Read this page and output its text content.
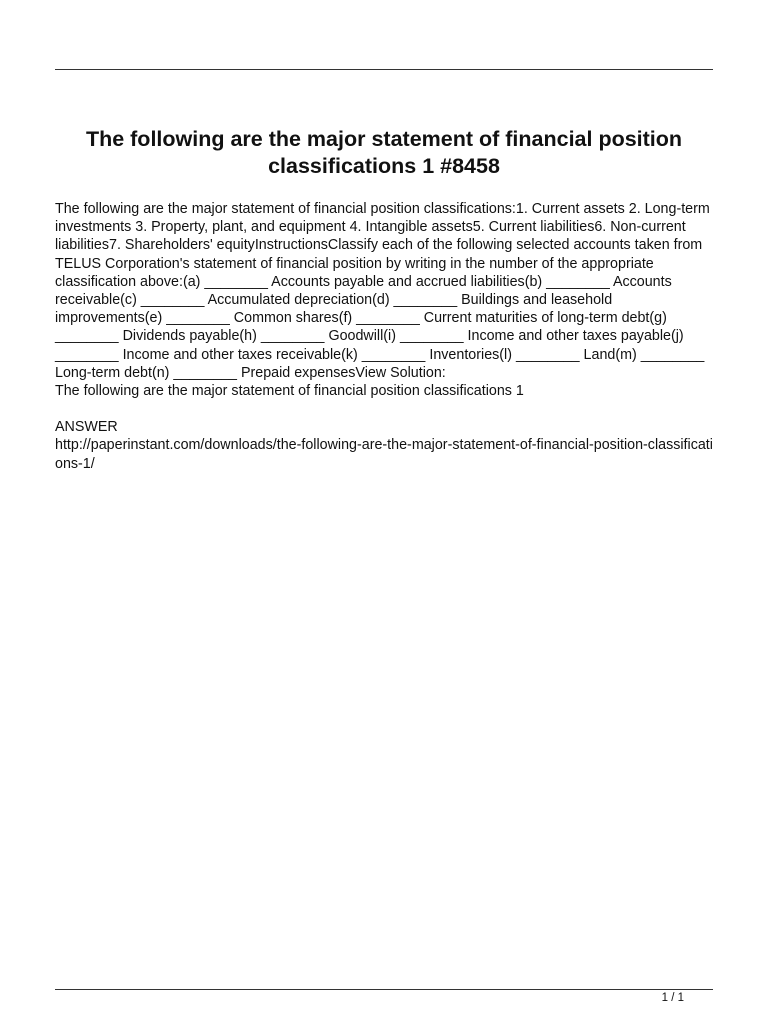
The following are the major statement of financial position classifications 1 #8458

The following are the major statement of financial position classifications:1. Current assets 2. Long-term investments 3. Property, plant, and equipment 4. Intangible assets5. Current liabilities6. Non-current liabilities7. Shareholders' equityInstructionsClassify each of the following selected accounts taken from TELUS Corporation's statement of financial position by writing in the number of the appropriate classification above:(a) ________ Accounts payable and accrued liabilities(b) ________ Accounts receivable(c) ________ Accumulated depreciation(d) ________ Buildings and leasehold improvements(e) ________ Common shares(f) ________ Current maturities of long-term debt(g) ________ Dividends payable(h) ________ Goodwill(i) ________ Income and other taxes payable(j) ________ Income and other taxes receivable(k) ________ Inventories(l) ________ Land(m) ________ Long-term debt(n) ________ Prepaid expensesView Solution:

The following are the major statement of financial position classifications 1

ANSWER

http://paperinstant.com/downloads/the-following-are-the-major-statement-of-financial-position-classifications-1/

1 / 1
